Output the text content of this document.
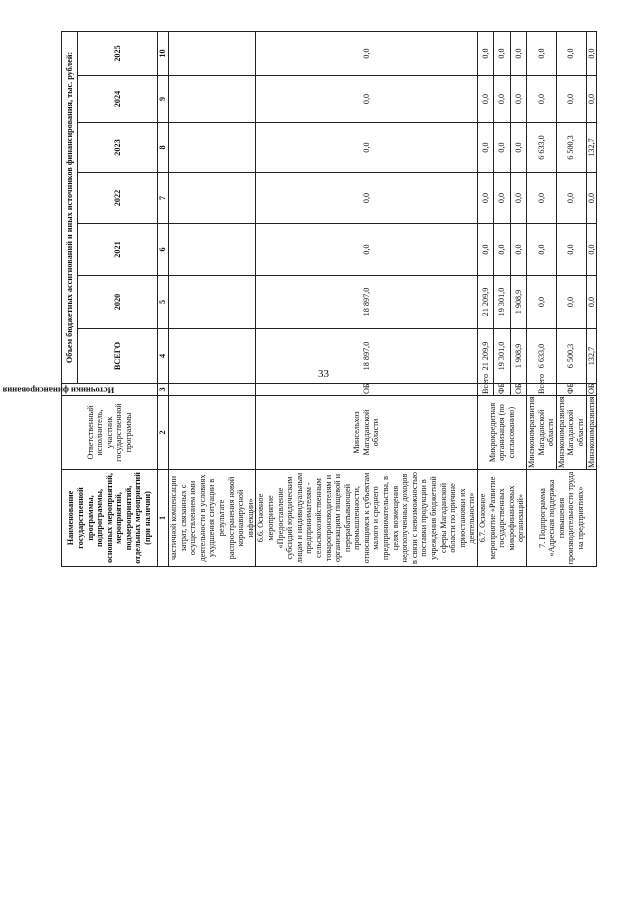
33
Наименование государственной программы, подпрограммы, основных мероприятий, мероприятий, подмероприятий, отдельных мероприятий (при наличии)	Ответственный исполнитель, участник государственной программы	Источники финансирования	Объем бюджетных ассигнований и иных источников финансирования, тыс. рублей:						
			ВСЕГО	2020	2021	2022	2023	2024	2025
1	2	3	4	5	6	7	8	9	10
частичной компенсации затрат, связанных с осуществлением ими деятельности в условиях ухудшения ситуации в результате распространения новой коронавирусной инфекции»									
6.6. Основное мероприятие «Предоставление субсидий юридическим лицам и индивидуальным предпринимателям - сельскохозяйственным товаропроизводителям и организациям пищевой и перерабатывающей промышленности, относящимся к субъектам малого и среднего предпринимательства, в целях возмещения недополученных доходов в связи с невозможностью поставки продукции в учреждения бюджетной сферы Магаданской области по причине приостановки их деятельности»	Минсельхоз Магаданской области	ОБ	18 897,0	18 897,0	0,0	0,0	0,0	0,0	0,0
6.7. Основное мероприятие «Развитие государственных микрофинансовых организаций»	Микрокредитная организация (по согласованию)	Всего	21 209,9	21 209,9	0,0	0,0	0,0	0,0	0,0
		ФБ	19 301,0	19 301,0	0,0	0,0	0,0	0,0	0,0
		ОБ	1 908,9	1 908,9	0,0	0,0	0,0	0,0	0,0
7. Подпрограмма «Адресная поддержка повышения производительности труда на предприятиях»	Минэкономразвития Магаданской области	Всего	6 633,0	0,0	0,0	0,0	6 633,0	0,0	0,0
	Минэкономразвития Магаданской области	ФБ	6 500,3	0,0	0,0	0,0	6 500,3	0,0	0,0
	Минэкономразвития	ОБ	132,7	0,0	0,0	0,0	132,7	0,0	0,0
